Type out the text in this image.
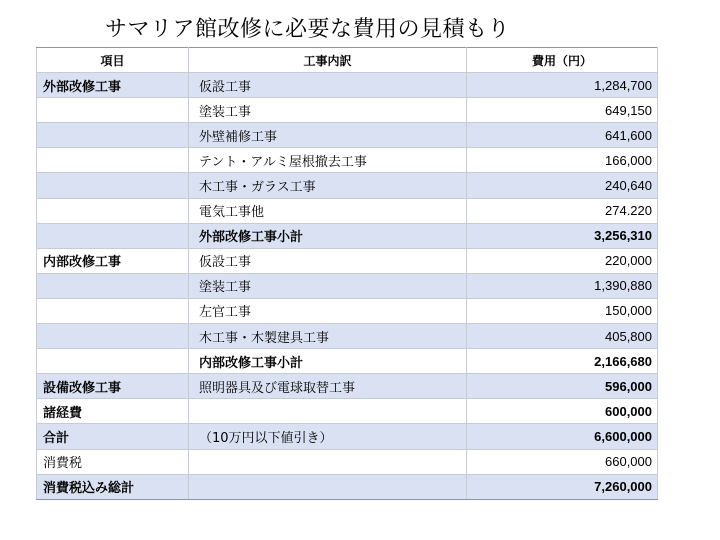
サマリア館改修に必要な費用の見積もり
項目	工事内訳	費用（円）
外部改修工事	仮設工事	1,284,700
	塗装工事	649,150
	外壁補修工事	641,600
	テント・アルミ屋根撤去工事	166,000
	木工事・ガラス工事	240,640
	電気工事他	274.220
	外部改修工事小計	3,256,310
内部改修工事	仮設工事	220,000
	塗装工事	1,390,880
	左官工事	150,000
	木工事・木製建具工事	405,800
	内部改修工事小計	2,166,680
設備改修工事	照明器具及び電球取替工事	596,000
諸経費		600,000
合計	（10万円以下値引き）	6,600,000
消費税		660,000
消費税込み総計		7,260,000
